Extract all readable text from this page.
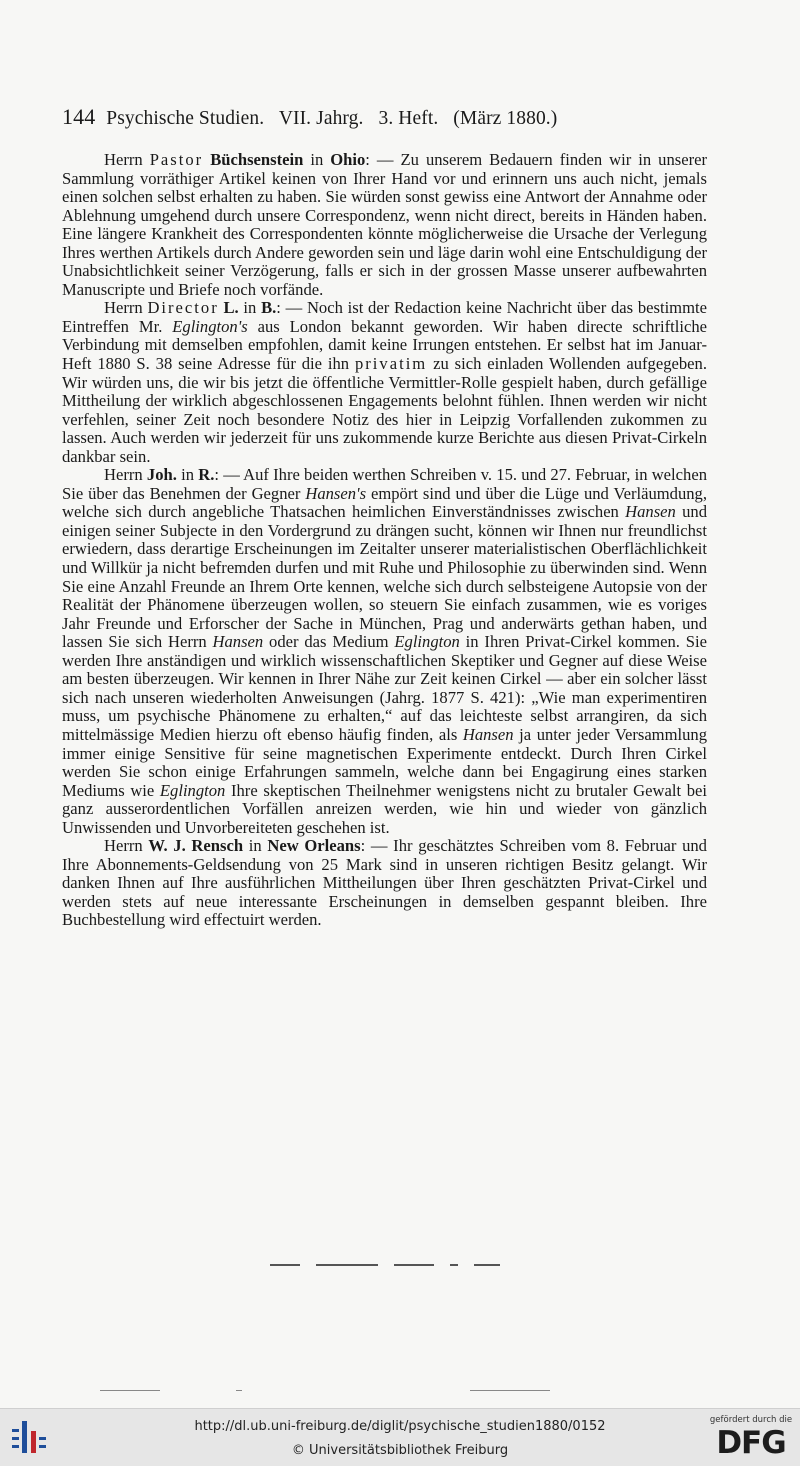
144 Psychische Studien. VII. Jahrg. 3. Heft. (März 1880.)

Herrn Pastor Büchsenstein in Ohio: — Zu unserem Bedauern finden wir in unserer Sammlung vorräthiger Artikel keinen von Ihrer Hand vor und erinnern uns auch nicht, jemals einen solchen selbst erhalten zu haben. Sie würden sonst gewiss eine Antwort der Annahme oder Ablehnung umgehend durch unsere Correspondenz, wenn nicht direct, bereits in Händen haben. Eine längere Krankheit des Correspondenten könnte möglicherweise die Ursache der Verlegung Ihres werthen Artikels durch Andere geworden sein und läge darin wohl eine Entschuldigung der Unabsichtlichkeit seiner Verzögerung, falls er sich in der grossen Masse unserer aufbewahrten Manuscripte und Briefe noch vorfände.

Herrn Director L. in B.: — Noch ist der Redaction keine Nachricht über das bestimmte Eintreffen Mr. Eglington's aus London bekannt geworden. Wir haben directe schriftliche Verbindung mit demselben empfohlen, damit keine Irrungen entstehen. Er selbst hat im Januar-Heft 1880 S. 38 seine Adresse für die ihn privatim zu sich einladen Wollenden aufgegeben. Wir würden uns, die wir bis jetzt die öffentliche Vermittler-Rolle gespielt haben, durch gefällige Mittheilung der wirklich abgeschlossenen Engagements belohnt fühlen. Ihnen werden wir nicht verfehlen, seiner Zeit noch besondere Notiz des hier in Leipzig Vorfallenden zukommen zu lassen. Auch werden wir jederzeit für uns zukommende kurze Berichte aus diesen Privat-Cirkeln dankbar sein.

Herrn Joh. in R.: — Auf Ihre beiden werthen Schreiben v. 15. und 27. Februar, in welchen Sie über das Benehmen der Gegner Hansen's empört sind und über die Lüge und Verläumdung, welche sich durch angebliche Thatsachen heimlichen Einverständnisses zwischen Hansen und einigen seiner Subjecte in den Vordergrund zu drängen sucht, können wir Ihnen nur freundlichst erwiedern, dass derartige Erscheinungen im Zeitalter unserer materialistischen Oberflächlichkeit und Willkür ja nicht befremden durfen und mit Ruhe und Philosophie zu überwinden sind. Wenn Sie eine Anzahl Freunde an Ihrem Orte kennen, welche sich durch selbsteigene Autopsie von der Realität der Phänomene überzeugen wollen, so steuern Sie einfach zusammen, wie es voriges Jahr Freunde und Erforscher der Sache in München, Prag und anderwärts gethan haben, und lassen Sie sich Herrn Hansen oder das Medium Eglington in Ihren Privat-Cirkel kommen. Sie werden Ihre anständigen und wirklich wissenschaftlichen Skeptiker und Gegner auf diese Weise am besten überzeugen. Wir kennen in Ihrer Nähe zur Zeit keinen Cirkel — aber ein solcher lässt sich nach unseren wiederholten Anweisungen (Jahrg. 1877 S. 421): „Wie man experimentiren muss, um psychische Phänomene zu erhalten,“ auf das leichteste selbst arrangiren, da sich mittelmässige Medien hierzu oft ebenso häufig finden, als Hansen ja unter jeder Versammlung immer einige Sensitive für seine magnetischen Experimente entdeckt. Durch Ihren Cirkel werden Sie schon einige Erfahrungen sammeln, welche dann bei Engagirung eines starken Mediums wie Eglington Ihre skeptischen Theilnehmer wenigstens nicht zu brutaler Gewalt bei ganz ausserordentlichen Vorfällen anreizen werden, wie hin und wieder von gänzlich Unwissenden und Unvorbereiteten geschehen ist.

Herrn W. J. Rensch in New Orleans: — Ihr geschätztes Schreiben vom 8. Februar und Ihre Abonnements-Geldsendung von 25 Mark sind in unseren richtigen Besitz gelangt. Wir danken Ihnen auf Ihre ausführlichen Mittheilungen über Ihren geschätzten Privat-Cirkel und werden stets auf neue interessante Erscheinungen in demselben gespannt bleiben. Ihre Buchbestellung wird effectuirt werden.

http://dl.ub.uni-freiburg.de/diglit/psychische_studien1880/0152
© Universitätsbibliothek Freiburg
gefördert durch die
DFG
